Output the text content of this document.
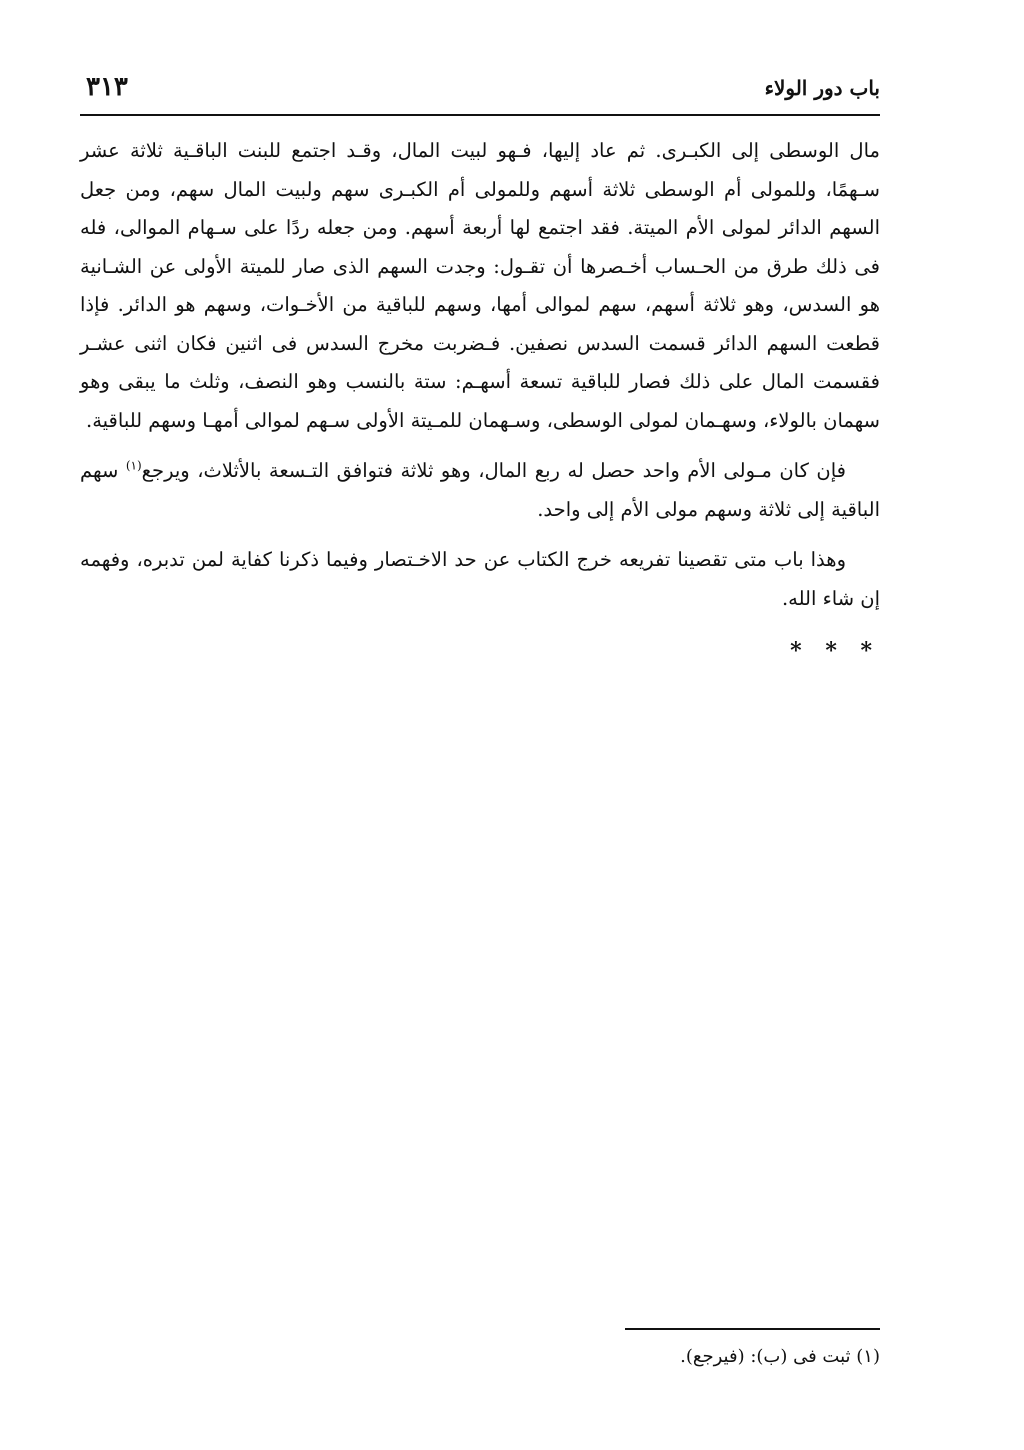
باب دور الولاء
٣١٣

مال الوسطى إلى الكبـرى. ثم عاد إليها، فـهو لبيت المال، وقـد اجتمع للبنت الباقـية ثلاثة عشر سـهمًا، وللمولى أم الوسطى ثلاثة أسهم وللمولى أم الكبـرى سهم ولبيت المال سهم، ومن جعل السهم الدائر لمولى الأم الميتة. فقد اجتمع لها أربعة أسهم. ومن جعله ردًا على سـهام الموالى، فله فى ذلك طرق من الحـساب أخـصرها أن تقـول: وجدت السهم الذى صار للميتة الأولى عن الشـانية هو السدس، وهو ثلاثة أسهم، سهم لموالى أمها، وسهم للباقية من الأخـوات، وسهم هو الدائر. فإذا قطعت السهم الدائر قسمت السدس نصفين. فـضربت مخرج السدس فى اثنين فكان اثنى عشـر فقسمت المال على ذلك فصار للباقية تسعة أسهـم: ستة بالنسب وهو النصف، وثلث ما يبقى وهو سهمان بالولاء، وسهـمان لمولى الوسطى، وسـهمان للمـيتة الأولى سـهم لموالى أمهـا وسهم للباقية.

فإن كان مـولى الأم واحد حصل له ربع المال، وهو ثلاثة فتوافق التـسعة بالأثلاث، ويرجع$^{(١)}$ سهم الباقية إلى ثلاثة وسهم مولى الأم إلى واحد.

وهذا باب متى تقصينا تفريعه خرج الكتاب عن حد الاخـتصار وفيما ذكرنا كفاية لمن تدبره، وفهمه إن شاء الله.

* * *
(١) ثبت فى (ب): (فيرجع).
